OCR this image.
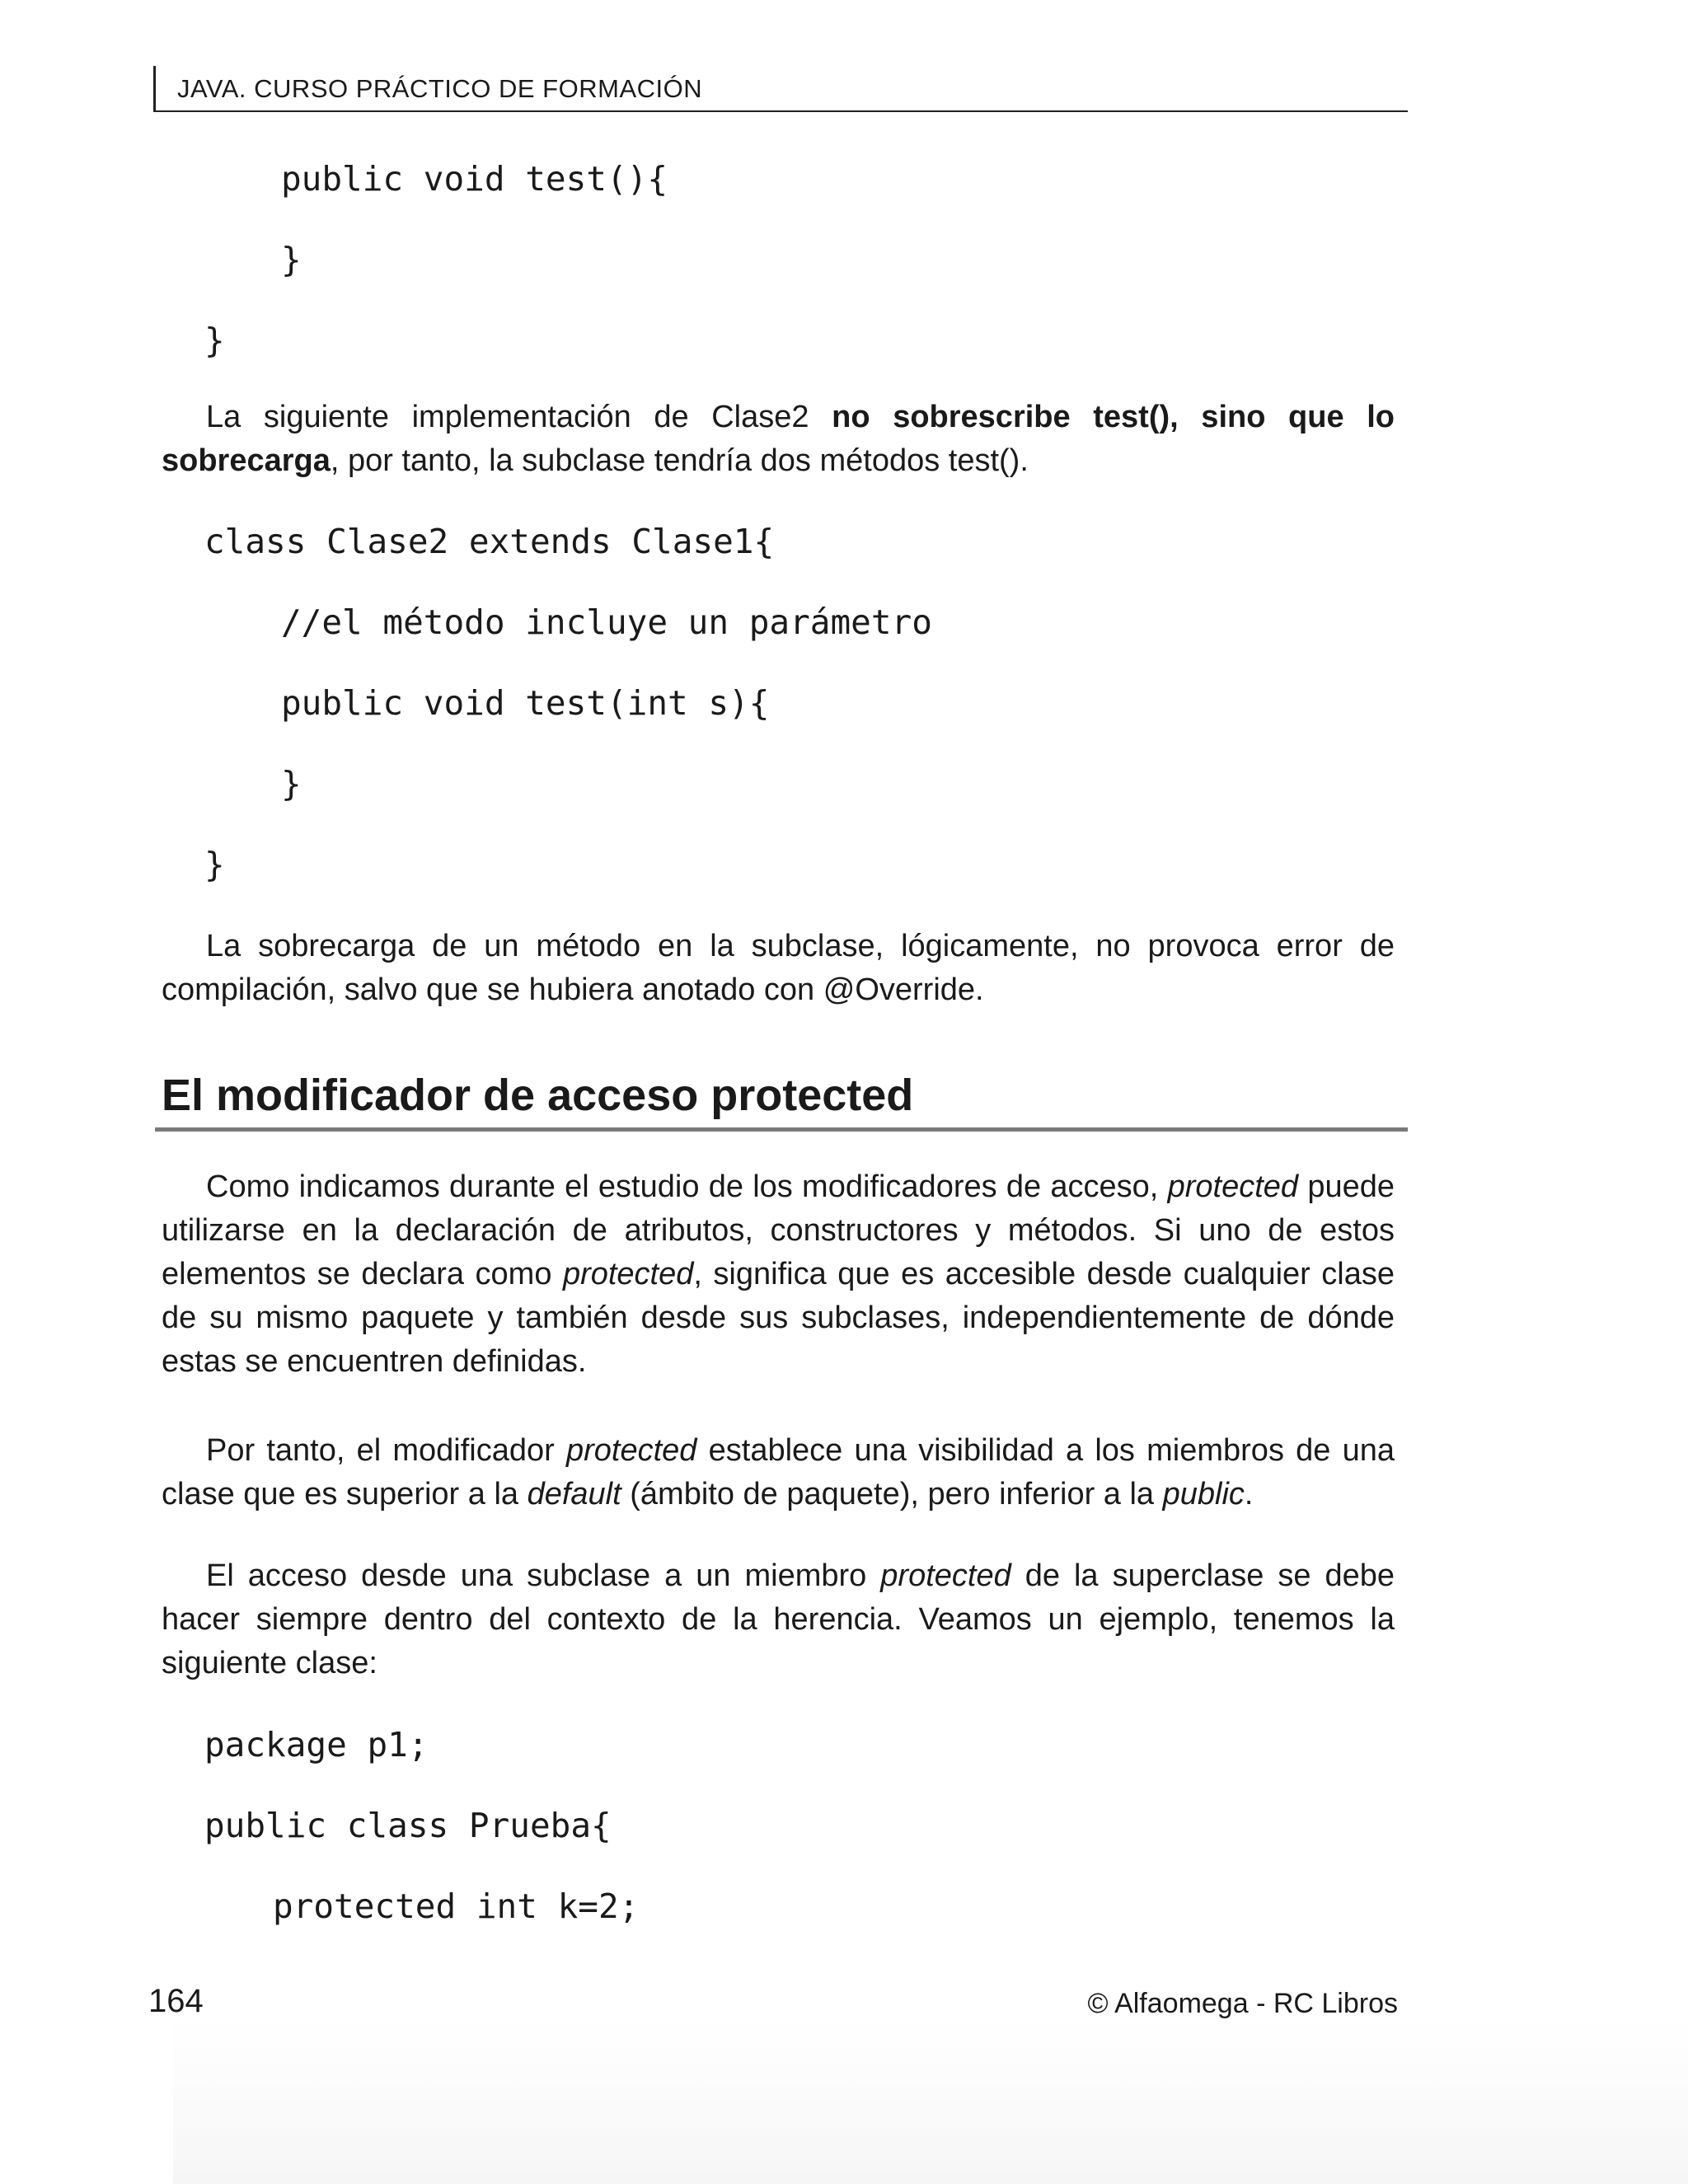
JAVA. CURSO PRÁCTICO DE FORMACIÓN
public void test(){
}
}
La siguiente implementación de Clase2 no sobrescribe test(), sino que lo sobrecarga, por tanto, la subclase tendría dos métodos test().
class Clase2 extends Clase1{
//el método incluye un parámetro
public void test(int s){
}
}
La sobrecarga de un método en la subclase, lógicamente, no provoca error de compilación, salvo que se hubiera anotado con @Override.
El modificador de acceso protected
Como indicamos durante el estudio de los modificadores de acceso, protected puede utilizarse en la declaración de atributos, constructores y métodos. Si uno de estos elementos se declara como protected, significa que es accesible desde cualquier clase de su mismo paquete y también desde sus subclases, independientemente de dónde estas se encuentren definidas.
Por tanto, el modificador protected establece una visibilidad a los miembros de una clase que es superior a la default (ámbito de paquete), pero inferior a la public.
El acceso desde una subclase a un miembro protected de la superclase se debe hacer siempre dentro del contexto de la herencia. Veamos un ejemplo, tenemos la siguiente clase:
package p1;
public class Prueba{
protected int k=2;
164	© Alfaomega - RC Libros
